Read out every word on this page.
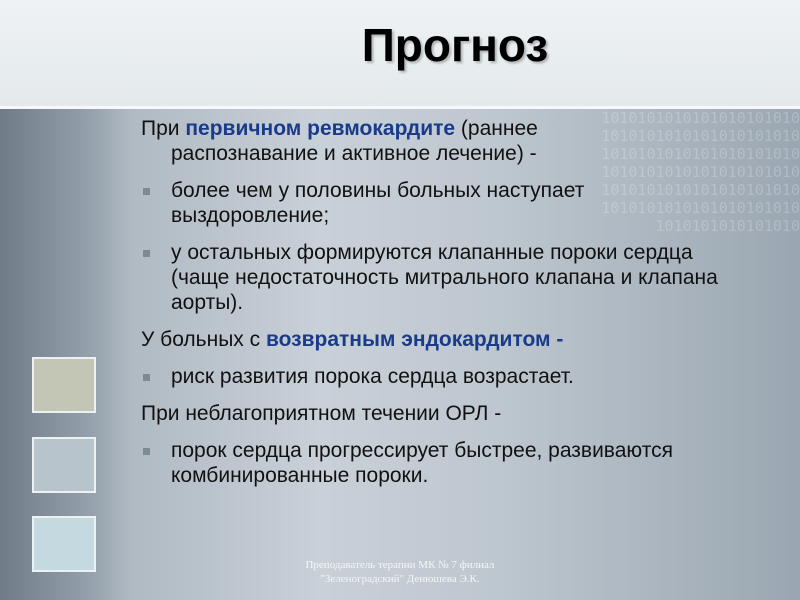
1010101010101010101010101010101010101010101010101010101010101010101010101010101010101010101010101010101010101010101010101010101010101010101010101010
Прогноз
При первичном ревмокардите (раннее
распознавание и активное лечение) -
более чем у половины больных наступает выздоровление;
у остальных формируются клапанные пороки сердца (чаще недостаточность митрального клапана и клапана аорты).
У больных с возвратным эндокардитом -
риск развития порока сердца возрастает.
При неблагоприятном течении ОРЛ -
порок сердца прогрессирует быстрее, развиваются комбинированные пороки.
Преподаватель терапии МК № 7 филиал
"Зеленоградский" Денюшева Э.К.
